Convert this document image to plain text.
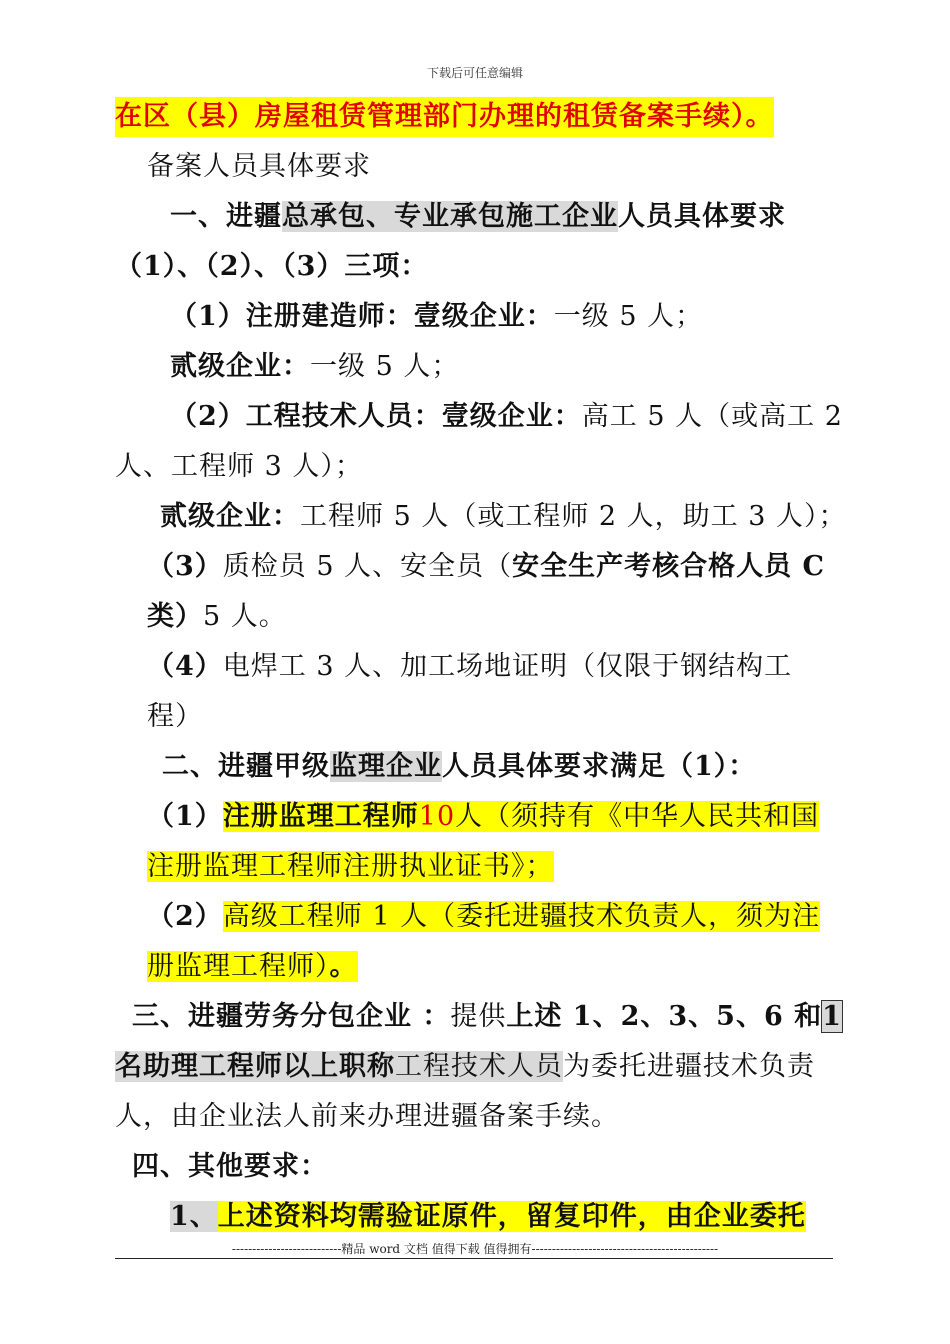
下载后可任意编辑
在区（县）房屋租赁管理部门办理的租赁备案手续）。
备案人员具体要求
一、进疆总承包、专业承包施工企业人员具体要求
（1）、（2）、（3）三项：
（1）注册建造师：壹级企业：一级 5 人；
贰级企业：一级 5 人；
（2）工程技术人员：壹级企业：高工 5 人（或高工 2
人、工程师 3 人）；
贰级企业：工程师 5 人（或工程师 2 人，助工 3 人）；
（3）质检员 5 人、安全员（安全生产考核合格人员 C
类）5 人。
（4）电焊工 3 人、加工场地证明（仅限于钢结构工
程）
二、进疆甲级监理企业人员具体要求满足（1）：
（1）注册监理工程师10人（须持有《中华人民共和国
注册监理工程师注册执业证书》；
（2）高级工程师 1 人（委托进疆技术负责人，须为注
册监理工程师）。
三、进疆劳务分包企业 ：提供上述 1、2、3、5、6 和1
名助理工程师以上职称工程技术人员为委托进疆技术负责
人，由企业法人前来办理进疆备案手续。
四、其他要求：
1、上述资料均需验证原件，留复印件，由企业委托
---------------------------精品 word 文档 值得下载 值得拥有----------------------------------------------
